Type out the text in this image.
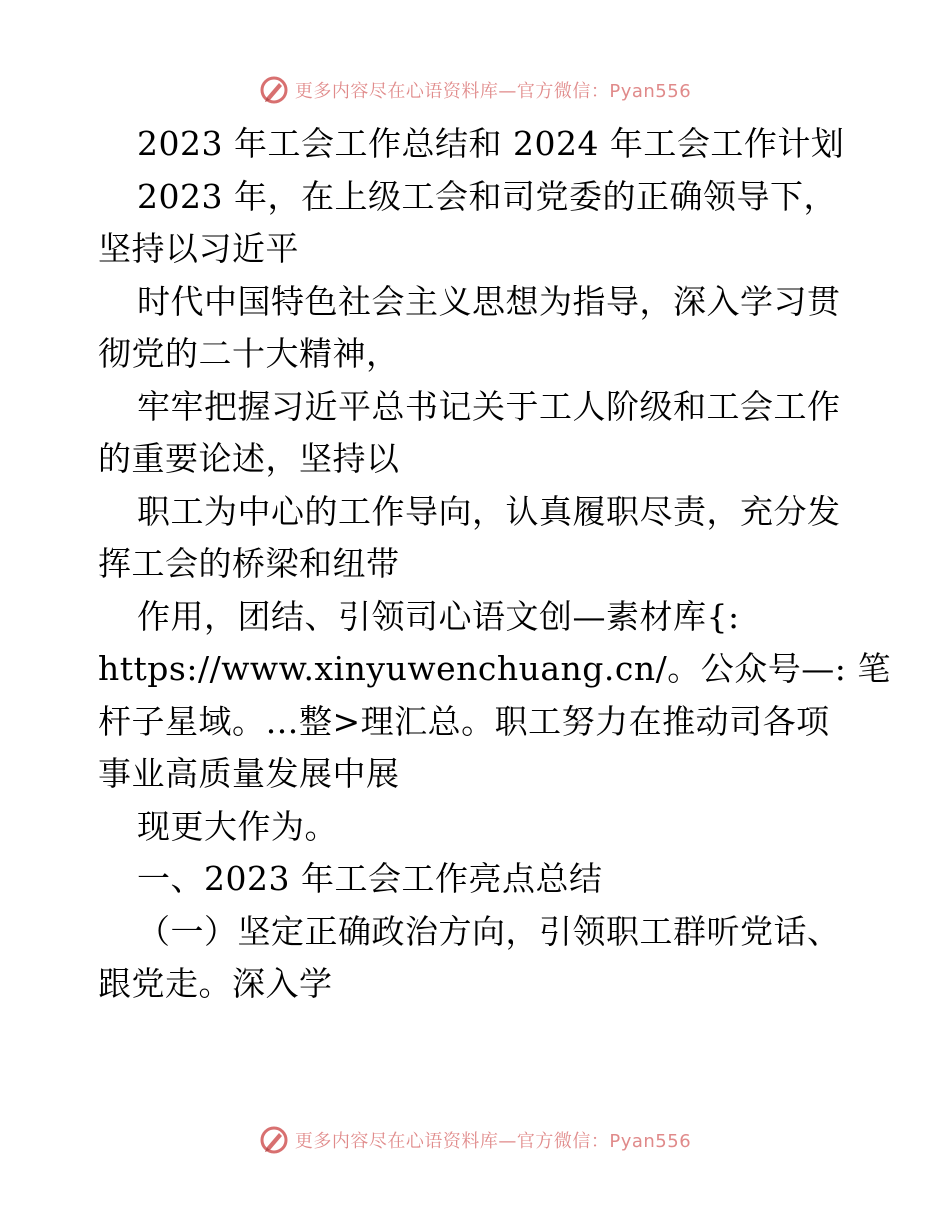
更多内容尽在心语资料库—官方微信：Pyan556
2023 年工会工作总结和 2024 年工会工作计划
2023 年，在上级工会和司党委的正确领导下，
坚持以习近平
时代中国特色社会主义思想为指导，深入学习贯
彻党的二十大精神，
牢牢把握习近平总书记关于工人阶级和工会工作
的重要论述，坚持以
职工为中心的工作导向，认真履职尽责，充分发
挥工会的桥梁和纽带
作用，团结、引领司心语文创—素材库{:
https://www.xinyuwenchuang.cn/。公众号—: 笔
杆子星域。…整>理汇总。职工努力在推动司各项
事业高质量发展中展
现更大作为。
一、2023 年工会工作亮点总结
（一）坚定正确政治方向，引领职工群听党话、
跟党走。深入学
更多内容尽在心语资料库—官方微信：Pyan556
